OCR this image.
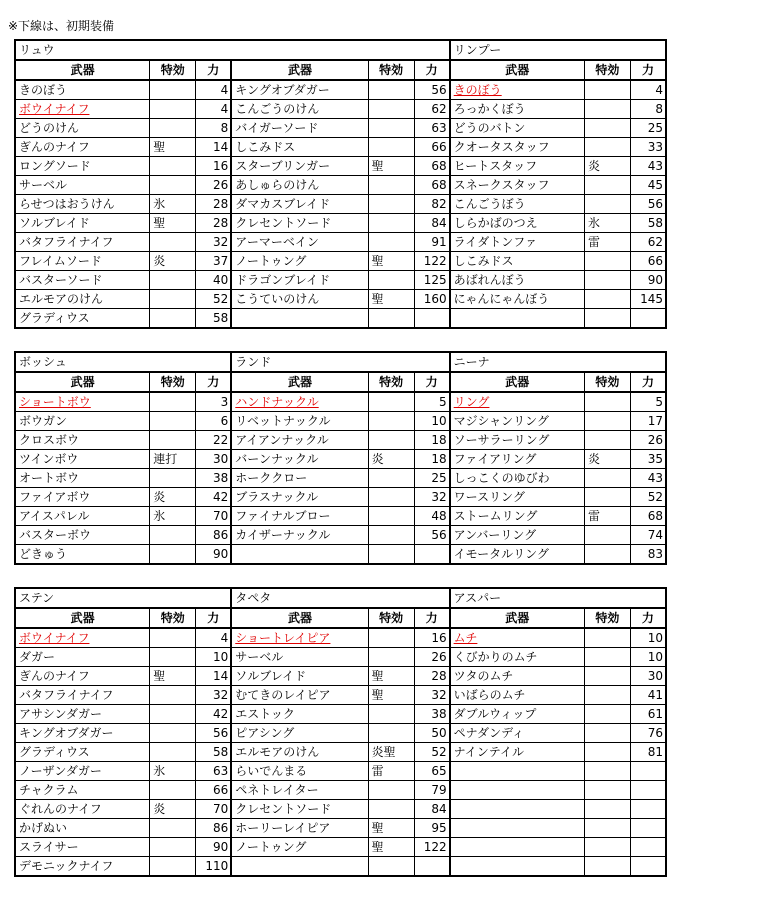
※下線は、初期装備
リュウ						リンプー		
武器	特効	力	武器	特効	力	武器	特効	力
きのぼう		4	キングオブダガー		56	きのぼう		4
ボウイナイフ		4	こんごうのけん		62	ろっかくぼう		8
どうのけん		8	バイガーソード		63	どうのバトン		25
ぎんのナイフ	聖	14	しこみドス		66	クオータスタッフ		33
ロングソード		16	スターブリンガー	聖	68	ヒートスタッフ	炎	43
サーベル		26	あしゅらのけん		68	スネークスタッフ		45
らせつはおうけん	氷	28	ダマカスブレイド		82	こんごうぼう		56
ソルブレイド	聖	28	クレセントソード		84	しらかばのつえ	氷	58
バタフライナイフ		32	アーマーベイン		91	ライダトンファ	雷	62
フレイムソード	炎	37	ノートゥング	聖	122	しこみドス		66
バスターソード		40	ドラゴンブレイド		125	あばれんぼう		90
エルモアのけん		52	こうていのけん	聖	160	にゃんにゃんぼう		145
グラディウス		58						
ボッシュ			ランド			ニーナ		
武器	特効	力	武器	特効	力	武器	特効	力
ショートボウ		3	ハンドナックル		5	リング		5
ボウガン		6	リベットナックル		10	マジシャンリング		17
クロスボウ		22	アイアンナックル		18	ソーサラーリング		26
ツインボウ	連打	30	バーンナックル	炎	18	ファイアリング	炎	35
オートボウ		38	ホーククロー		25	しっこくのゆびわ		43
ファイアボウ	炎	42	ブラスナックル		32	ワースリング		52
アイスパレル	氷	70	ファイナルブロー		48	ストームリング	雷	68
バスターボウ		86	カイザーナックル		56	アンバーリング		74
どきゅう		90				イモータルリング		83
ステン			タペタ			アスパー		
武器	特効	力	武器	特効	力	武器	特効	力
ボウイナイフ		4	ショートレイピア		16	ムチ		10
ダガー		10	サーベル		26	くびかりのムチ		10
ぎんのナイフ	聖	14	ソルブレイド	聖	28	ツタのムチ		30
バタフライナイフ		32	むてきのレイピア	聖	32	いばらのムチ		41
アサシンダガー		42	エストック		38	ダブルウィップ		61
キングオブダガー		56	ピアシング		50	ペナダンディ		76
グラディウス		58	エルモアのけん	炎聖	52	ナインテイル		81
ノーザンダガー	氷	63	らいでんまる	雷	65			
チャクラム		66	ペネトレイター		79			
ぐれんのナイフ	炎	70	クレセントソード		84			
かげぬい		86	ホーリーレイピア	聖	95			
スライサー		90	ノートゥング	聖	122			
デモニックナイフ		110						
